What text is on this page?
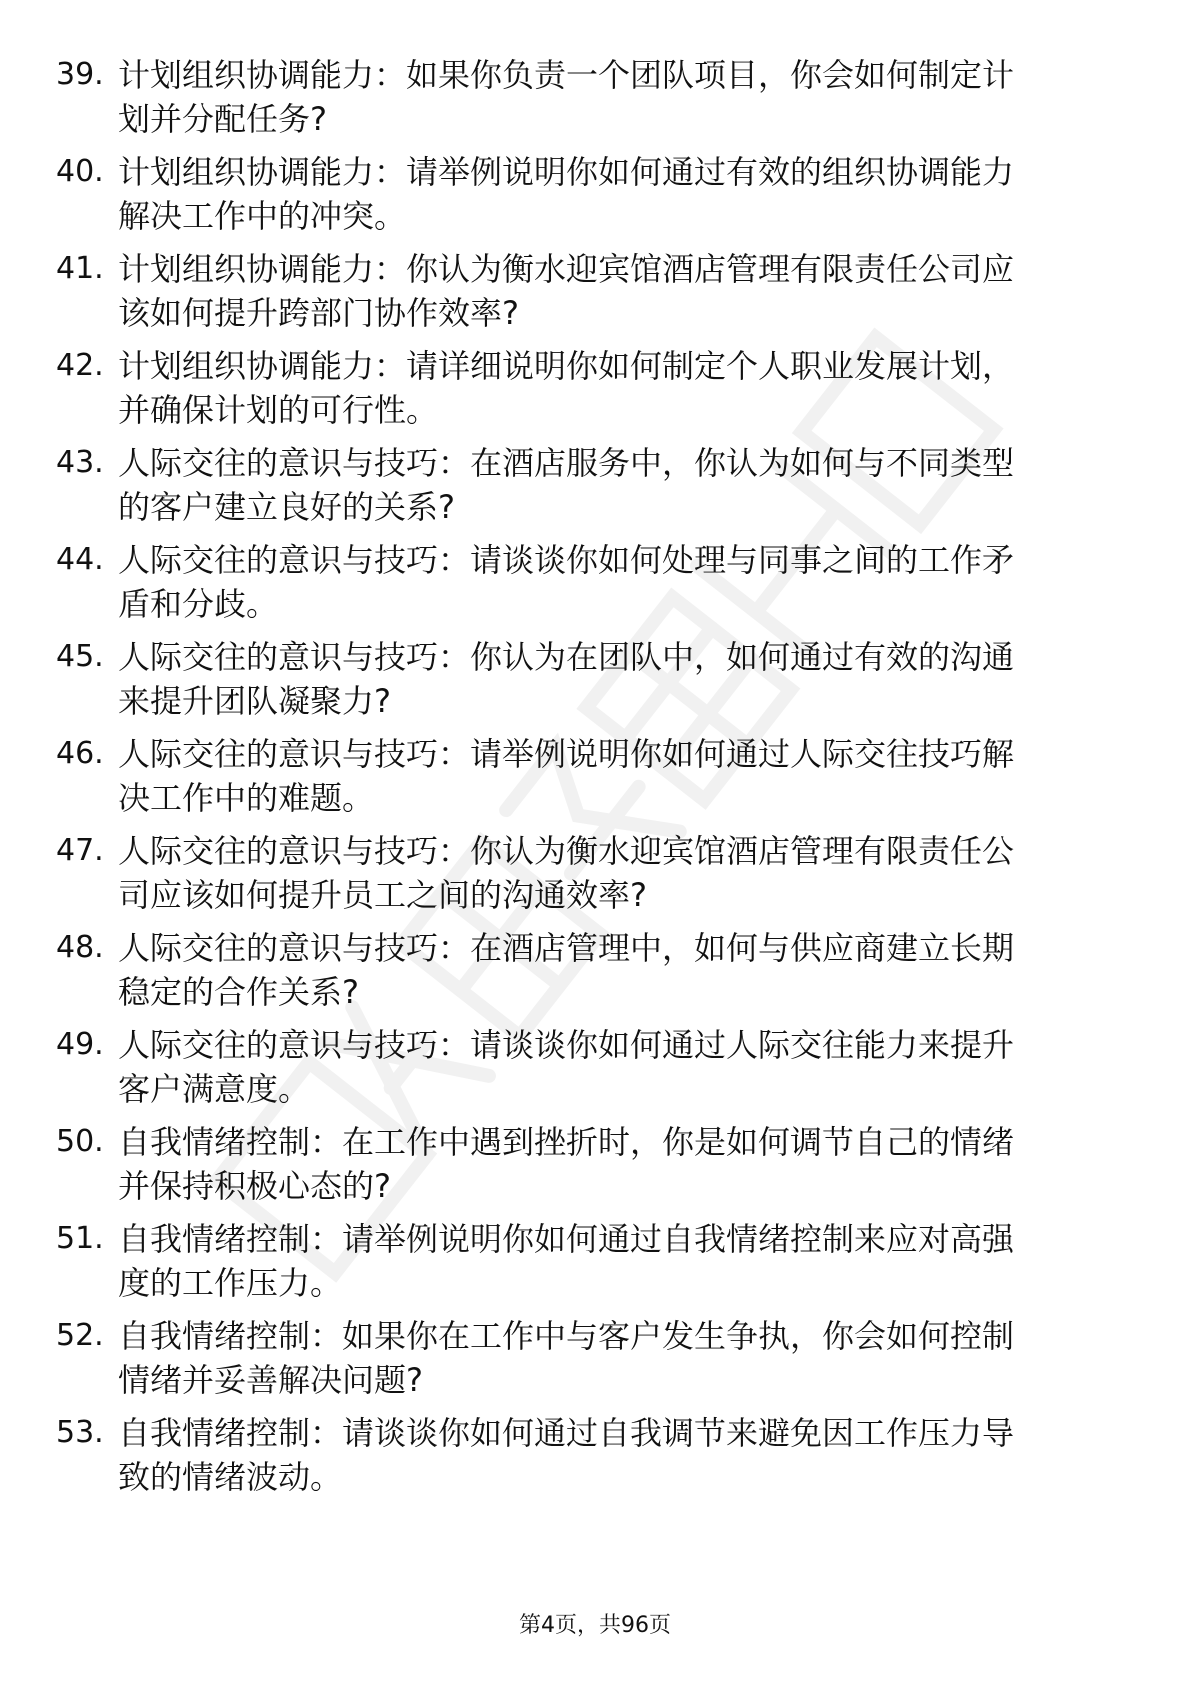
39. 计划组织协调能力：如果你负责一个团队项目，你会如何制定计
划并分配任务?
40. 计划组织协调能力：请举例说明你如何通过有效的组织协调能力
解决工作中的冲突。
41. 计划组织协调能力：你认为衡水迎宾馆酒店管理有限责任公司应
该如何提升跨部门协作效率?
42. 计划组织协调能力：请详细说明你如何制定个人职业发展计划，
并确保计划的可行性。
43. 人际交往的意识与技巧：在酒店服务中，你认为如何与不同类型
的客户建立良好的关系?
44. 人际交往的意识与技巧：请谈谈你如何处理与同事之间的工作矛
盾和分歧。
45. 人际交往的意识与技巧：你认为在团队中，如何通过有效的沟通
来提升团队凝聚力?
46. 人际交往的意识与技巧：请举例说明你如何通过人际交往技巧解
决工作中的难题。
47. 人际交往的意识与技巧：你认为衡水迎宾馆酒店管理有限责任公
司应该如何提升员工之间的沟通效率?
48. 人际交往的意识与技巧：在酒店管理中，如何与供应商建立长期
稳定的合作关系?
49. 人际交往的意识与技巧：请谈谈你如何通过人际交往能力来提升
客户满意度。
50. 自我情绪控制：在工作中遇到挫折时，你是如何调节自己的情绪
并保持积极心态的?
51. 自我情绪控制：请举例说明你如何通过自我情绪控制来应对高强
度的工作压力。
52. 自我情绪控制：如果你在工作中与客户发生争执，你会如何控制
情绪并妥善解决问题?
53. 自我情绪控制：请谈谈你如何通过自我调节来避免因工作压力导
致的情绪波动。
第4页，共96页
